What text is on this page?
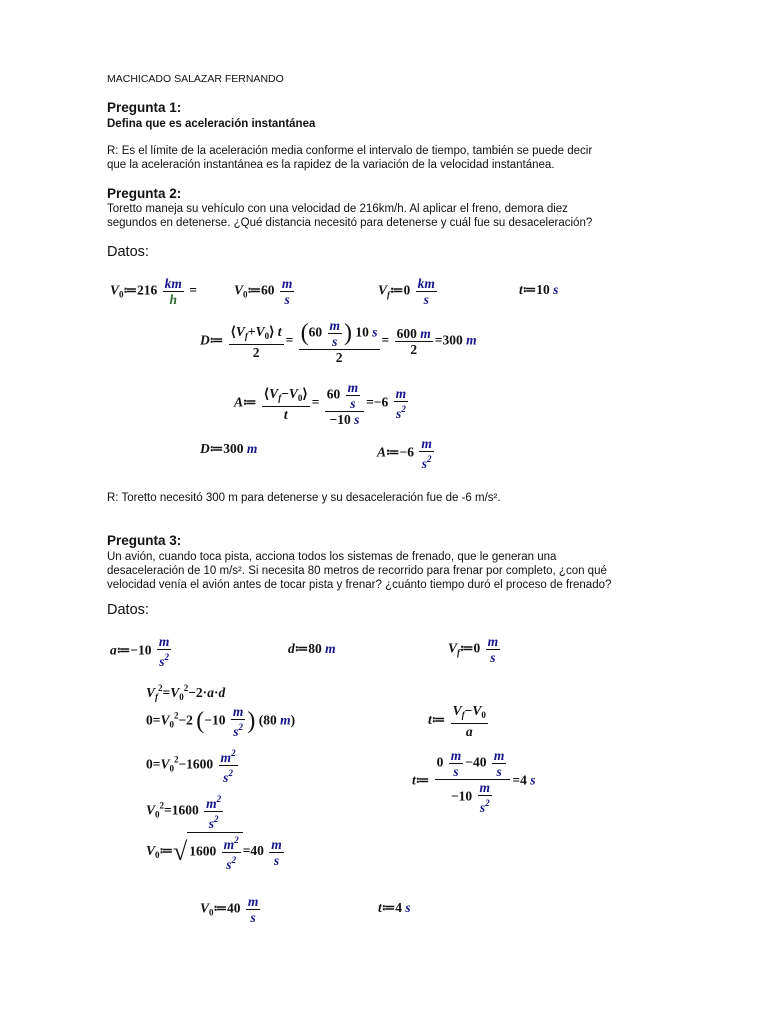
MACHICADO SALAZAR FERNANDO

Pregunta 1:

Defina que es aceleración instantánea

R: Es el límite de la aceleración media conforme el intervalo de tiempo, también se puede decir

que la aceleración instantánea es la rapidez de la variación de la velocidad instantánea.

Pregunta 2:

Toretto maneja su vehículo con una velocidad de 216km/h. Al aplicar el freno, demora diez

segundos en detenerse. ¿Qué distancia necesitó para detenerse y cuál fue su desaceleración?

Datos:

$V_0≔216 \frac{km}{h}$ =	$V_0≔60 \frac{m}{s}$	$V_f≔0 \frac{km}{s}$	t≔10 s
D≔ $\frac{⟨V_f+V_0⟩ t}{2} = \frac{(60 \frac{m}{s} ) 10 s}{2} = \frac{600 m}{2} =300$ m
A≔ $\frac{⟨V_f-V_0⟩}{t} = \frac{60 \frac{m}{s}}{-10 s} =-6 \frac{m}{s^2}$
D≔300 m	A≔−6 $\frac{m}{s^2}$

R: Toretto necesitó 300 m para detenerse y su desaceleración fue de -6 m/s².

Pregunta 3:

Un avión, cuando toca pista, acciona todos los sistemas de frenado, que le generan una

desaceleración de 10 m/s². Si necesita 80 metros de recorrido para frenar por completo, ¿con qué

velocidad venía el avión antes de tocar pista y frenar? ¿cuánto tiempo duró el proceso de frenado?

Datos:

a≔−10 $\frac{m}{s^2}$	d≔80 m	$V_f≔0 \frac{m}{s}$
$V_f^2=V_0^2-2\cdot a\cdot d$
$0=V_0^2-2$ ($-10 \frac{m}{s^2}$ ) (80 m)	t≔ $\frac{V_f-V_0}{a}$
$0=V_0^2-1600 \frac{m^2}{s^2}$	t≔ $\frac{0 \frac{m}{s} -40 \frac{m}{s}}{-10 \frac{m}{s^2}} =4$ s
$V_0^2=1600 \frac{m^2}{s^2}$
$V_0≔√$ $1600 \frac{m^2}{s^2} =40 \frac{m}{s}$
$V_0≔40 \frac{m}{s}$	t≔4 s
